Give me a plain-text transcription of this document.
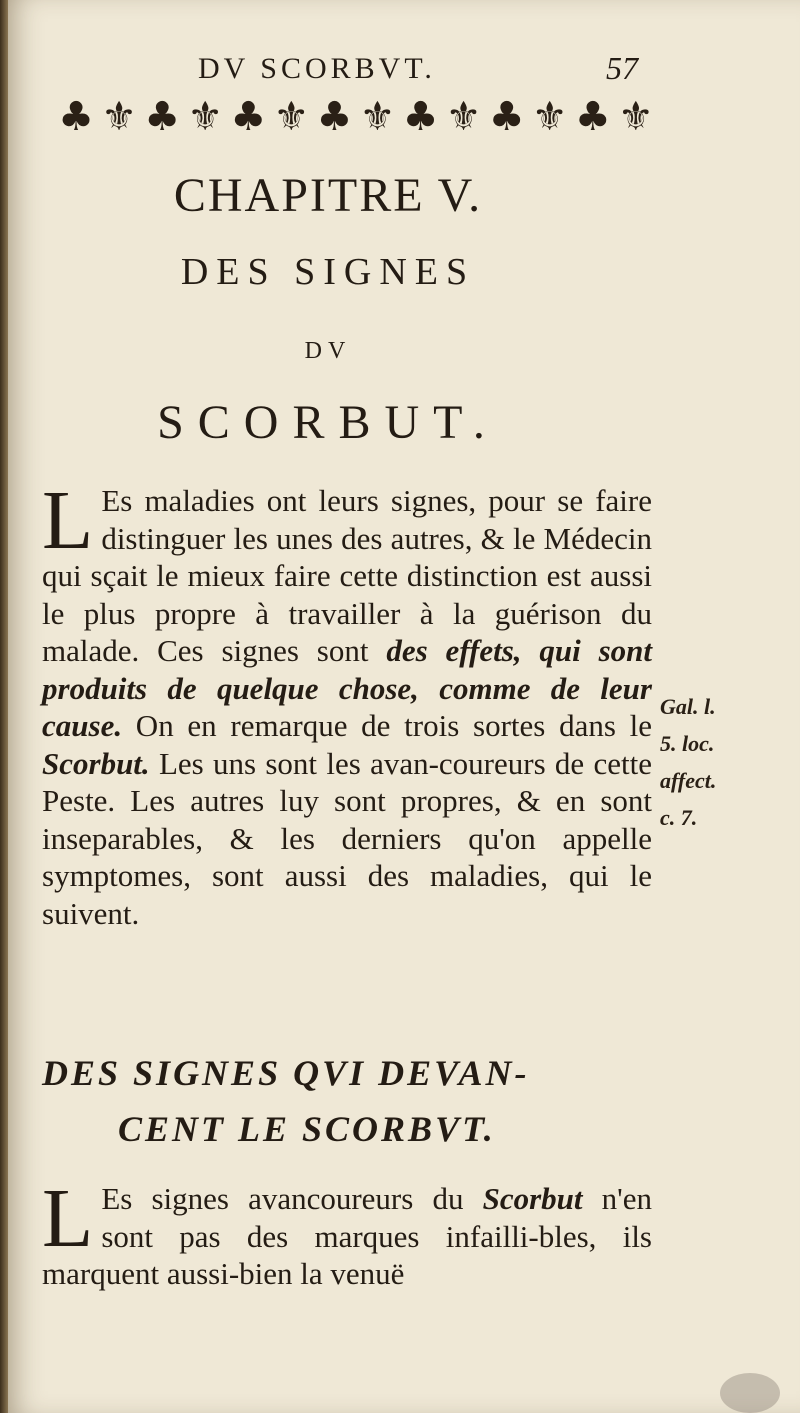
DV SCORBVT.	57
♣ ⚜ ♣ ⚜ ♣ ⚜ ♣ ⚜ ♣ ⚜ ♣ ⚜ ♣ ⚜
CHAPITRE V.
DES SIGNES
DV
SCORBUT.
L Es maladies ont leurs signes, pour se faire distinguer les unes des autres, & le Médecin qui sçait le mieux faire cette distinction est aussi le plus propre à travailler à la guérison du malade. Ces signes sont des effets, qui sont produits de quelque chose, comme de leur cause. On en remarque de trois sortes dans le Scorbut. Les uns sont les avan-coureurs de cette Peste. Les autres luy sont propres, & en sont inseparables, & les derniers qu'on appelle symptomes, sont aussi des maladies, qui le suivent.
Gal. l.
5. loc.
affect.
c. 7.
DES SIGNES QVI DEVAN-
CENT LE SCORBVT.
L Es signes avancoureurs du Scorbut n'en sont pas des marques infailli-bles, ils marquent aussi-bien la venuë
